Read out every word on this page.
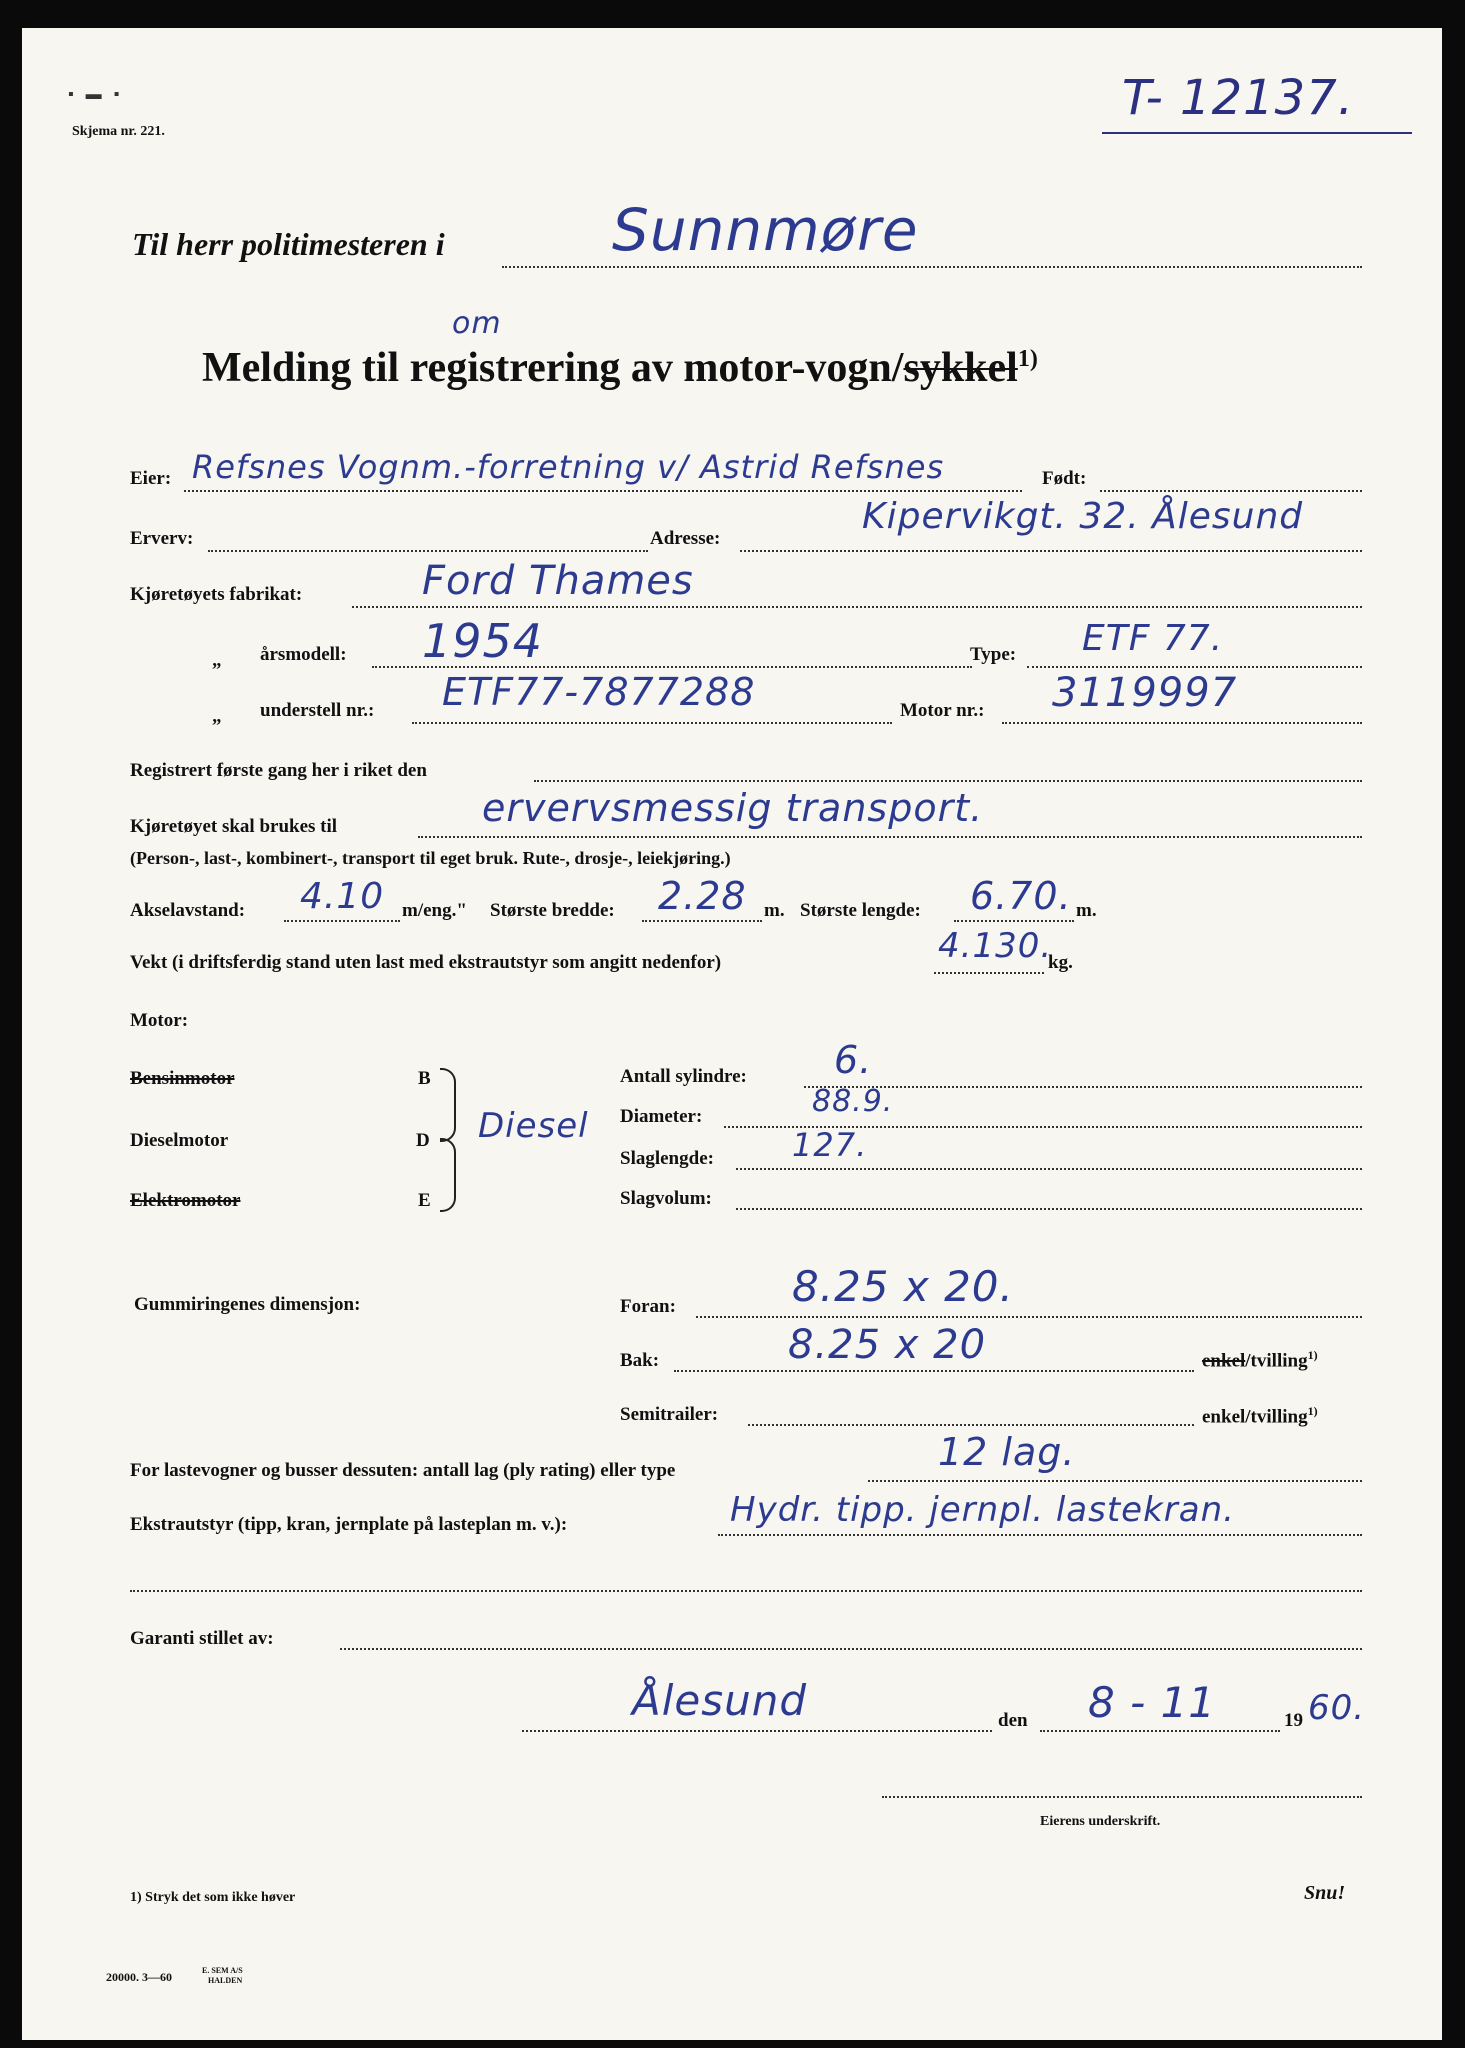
▪ ▬ ▪
Skjema nr. 221.
T- 12137.
Til herr politimesteren i	Sunnmøre
om
Melding til registrering av motor-vogn/sykkel$^{1)}$
Eier: Refsnes Vognm.-forretning v/ Astrid Refsnes	Født:
Erverv:	Adresse:
Kipervikgt. 32. Ålesund
Kjøretøyets fabrikat:	Ford Thames
„ årsmodell: 1954	Type: ETF 77.
„ understell nr.: ETF77-7877288	Motor nr.: 3119997
Registrert første gang her i riket den
Kjøretøyet skal brukes til	ervervsmessig transport.
(Person-, last-, kombinert-, transport til eget bruk. Rute-, drosje-, leiekjøring.)
Akselavstand: 4.10 m/eng." Største bredde: 2.28 m. Største lengde: 6.70. m.
Vekt (i driftsferdig stand uten last med ekstrautstyr som angitt nedenfor)	4.130.
kg.
Motor:
Bensinmotor	B
Dieselmotor	D
Elektromotor	E
Diesel
Antall sylindre: 6.
Diameter:	88.9.
Slaglengde: 127.
Slagvolum:
Gummiringenes dimensjon:	Foran:	8.25 x 20.
Bak:	8.25 x 20	enkel/tvilling$^{1)}$
Semitrailer:	enkel/tvilling$^{1)}$
For lastevogner og busser dessuten: antall lag (ply rating) eller type	12 lag.
Ekstrautstyr (tipp, kran, jernplate på lasteplan m. v.):	Hydr. tipp. jernpl. lastekran.
Garanti stillet av:
Ålesund	den 8 - 11	19 60.
Eierens underskrift.
1) Stryk det som ikke høver	Snu!
20000. 3—60	E. SEM A/S
HALDEN
